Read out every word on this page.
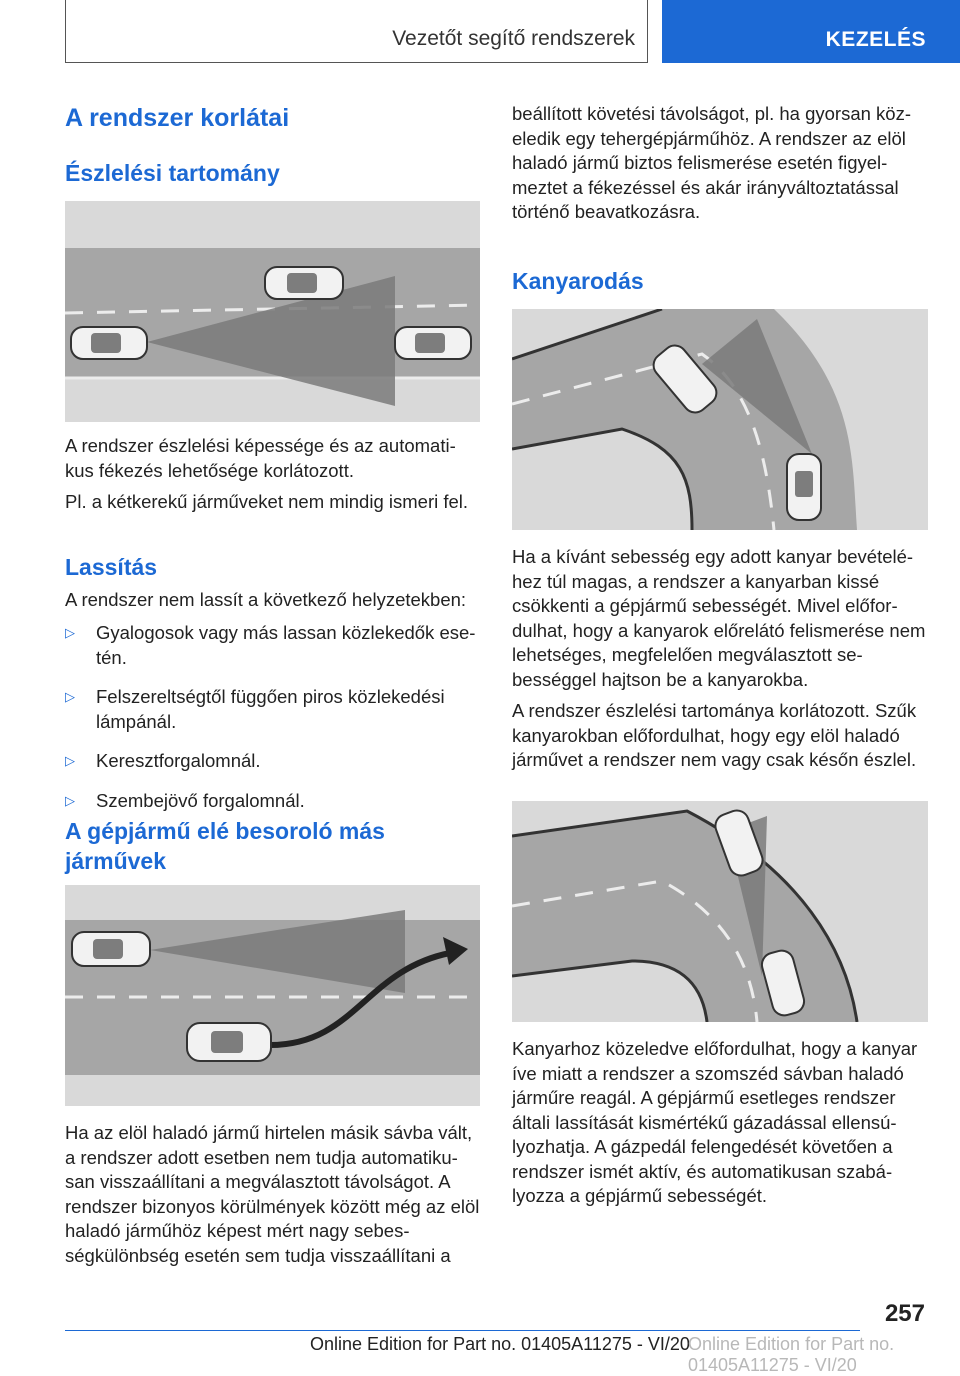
Vezetőt segítő rendszerek	KEZELÉS
A rendszer korlátai
Észlelési tartomány

A rendszer észlelési képessége és az automati‐kus fékezés lehetősége korlátozott.

Pl. a kétkerekű járműveket nem mindig ismeri fel.

Lassítás

A rendszer nem lassít a következő helyzetekben:

▷ Gyalogosok vagy más lassan közlekedők ese‐tén.
▷ Felszereltségtől függően piros közlekedési lámpánál.
▷ Keresztforgalomnál.
▷ Szembejövő forgalomnál.
A gépjármű elé besoroló más járművek

Ha az elöl haladó jármű hirtelen másik sávba vált, a rendszer adott esetben nem tudja automatiku‐san visszaállítani a megválasztott távolságot. A rendszer bizonyos körülmények között még az elöl haladó járműhöz képest mért nagy sebes‐ségkülönbség esetén sem tudja visszaállítani a

beállított követési távolságot, pl. ha gyorsan köz‐eledik egy tehergépjárműhöz. A rendszer az elöl haladó jármű biztos felismerése esetén figyel‐meztet a fékezéssel és akár irányváltoztatással történő beavatkozásra.

Kanyarodás

Ha a kívánt sebesség egy adott kanyar bevételé‐hez túl magas, a rendszer a kanyarban kissé csökkenti a gépjármű sebességét. Mivel előfor‐dulhat, hogy a kanyarok előrelátó felismerése nem lehetséges, megfelelően megválasztott se‐bességgel hajtson be a kanyarokba.

A rendszer észlelési tartománya korlátozott. Szűk kanyarokban előfordulhat, hogy egy elöl haladó járművet a rendszer nem vagy csak későn észlel.

Kanyarhoz közeledve előfordulhat, hogy a kanyar íve miatt a rendszer a szomszéd sávban haladó járműre reagál. A gépjármű esetleges rendszer általi lassítását kismértékű gázadással ellensú‐lyozhatja. A gázpedál felengedését követően a rendszer ismét aktív, és automatikusan szabá‐lyozza a gépjármű sebességét.

257
Online Edition for Part no. 01405A11275 - VI/20
Online Edition for Part no. 01405A11275 - VI/20
